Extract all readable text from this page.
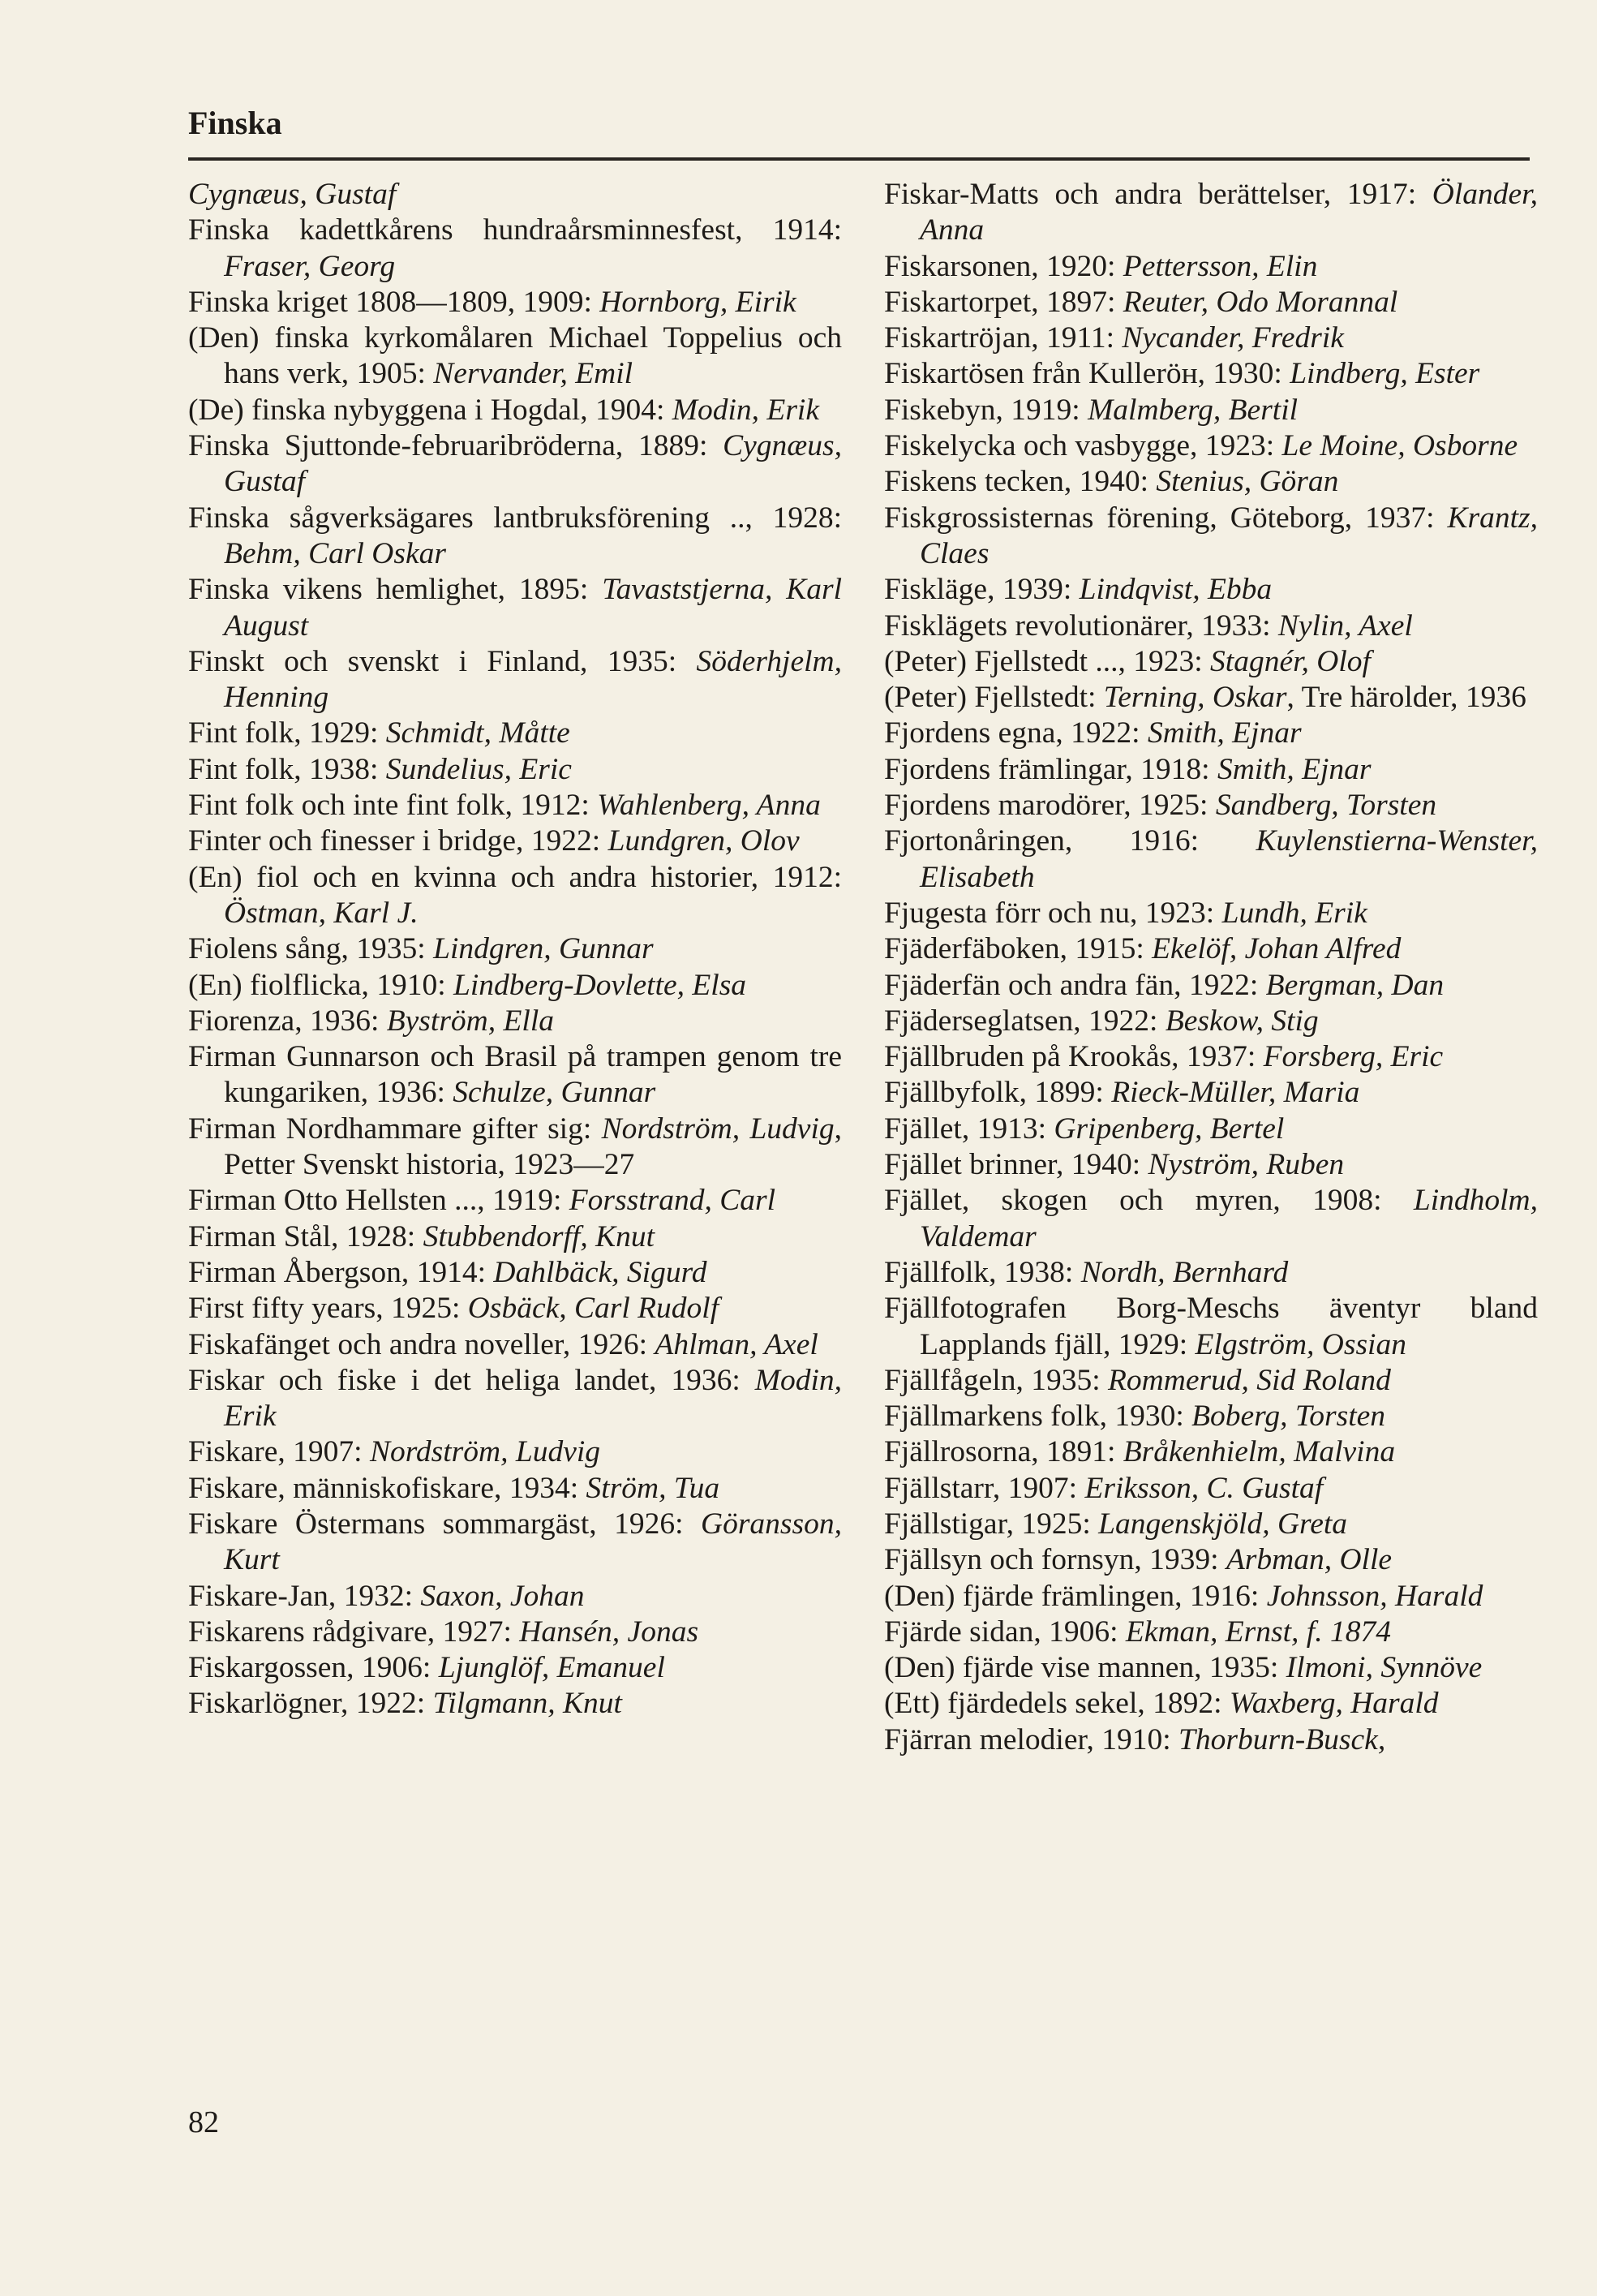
Finska
Cygnæus, Gustaf
Finska kadettkårens hundraårsminnesfest, 1914: Fraser, Georg
Finska kriget 1808—1809, 1909: Hornborg, Eirik
(Den) finska kyrkomålaren Michael Toppelius och hans verk, 1905: Nervander, Emil
(De) finska nybyggena i Hogdal, 1904: Modin, Erik
Finska Sjuttonde-februaribröderna, 1889: Cygnæus, Gustaf
Finska sågverksägares lantbruksförening .., 1928: Behm, Carl Oskar
Finska vikens hemlighet, 1895: Tavaststjerna, Karl August
Finskt och svenskt i Finland, 1935: Söderhjelm, Henning
Fint folk, 1929: Schmidt, Måtte
Fint folk, 1938: Sundelius, Eric
Fint folk och inte fint folk, 1912: Wahlenberg, Anna
Finter och finesser i bridge, 1922: Lundgren, Olov
(En) fiol och en kvinna och andra historier, 1912: Östman, Karl J.
Fiolens sång, 1935: Lindgren, Gunnar
(En) fiolflicka, 1910: Lindberg-Dovlette, Elsa
Fiorenza, 1936: Byström, Ella
Firman Gunnarson och Brasil på trampen genom tre kungariken, 1936: Schulze, Gunnar
Firman Nordhammare gifter sig: Nordström, Ludvig, Petter Svenskt historia, 1923—27
Firman Otto Hellsten ..., 1919: Forsstrand, Carl
Firman Stål, 1928: Stubbendorff, Knut
Firman Åbergson, 1914: Dahlbäck, Sigurd
First fifty years, 1925: Osbäck, Carl Rudolf
Fiskafänget och andra noveller, 1926: Ahlman, Axel
Fiskar och fiske i det heliga landet, 1936: Modin, Erik
Fiskare, 1907: Nordström, Ludvig
Fiskare, människofiskare, 1934: Ström, Tua
Fiskare Östermans sommargäst, 1926: Göransson, Kurt
Fiskare-Jan, 1932: Saxon, Johan
Fiskarens rådgivare, 1927: Hansén, Jonas
Fiskargossen, 1906: Ljunglöf, Emanuel
Fiskarlögner, 1922: Tilgmann, Knut
Fiskar-Matts och andra berättelser, 1917: Ölander, Anna
Fiskarsonen, 1920: Pettersson, Elin
Fiskartorpet, 1897: Reuter, Odo Morannal
Fiskartröjan, 1911: Nycander, Fredrik
Fiskartösen från Kulleröн, 1930: Lindberg, Ester
Fiskebyn, 1919: Malmberg, Bertil
Fiskelycka och vasbygge, 1923: Le Moine, Osborne
Fiskens tecken, 1940: Stenius, Göran
Fiskgrossisternas förening, Göteborg, 1937: Krantz, Claes
Fiskläge, 1939: Lindqvist, Ebba
Fisklägets revolutionärer, 1933: Nylin, Axel
(Peter) Fjellstedt ..., 1923: Stagnér, Olof
(Peter) Fjellstedt: Terning, Oskar, Tre härolder, 1936
Fjordens egna, 1922: Smith, Ejnar
Fjordens främlingar, 1918: Smith, Ejnar
Fjordens marodörer, 1925: Sandberg, Torsten
Fjortonåringen, 1916: Kuylenstierna-Wenster, Elisabeth
Fjugesta förr och nu, 1923: Lundh, Erik
Fjäderfäboken, 1915: Ekelöf, Johan Alfred
Fjäderfän och andra fän, 1922: Bergman, Dan
Fjäderseglatsen, 1922: Beskow, Stig
Fjällbruden på Krookås, 1937: Forsberg, Eric
Fjällbyfolk, 1899: Rieck-Müller, Maria
Fjället, 1913: Gripenberg, Bertel
Fjället brinner, 1940: Nyström, Ruben
Fjället, skogen och myren, 1908: Lindholm, Valdemar
Fjällfolk, 1938: Nordh, Bernhard
Fjällfotografen Borg-Meschs äventyr bland Lapplands fjäll, 1929: Elgström, Ossian
Fjällfågeln, 1935: Rommerud, Sid Roland
Fjällmarkens folk, 1930: Boberg, Torsten
Fjällrosorna, 1891: Bråkenhielm, Malvina
Fjällstarr, 1907: Eriksson, C. Gustaf
Fjällstigar, 1925: Langenskjöld, Greta
Fjällsyn och fornsyn, 1939: Arbman, Olle
(Den) fjärde främlingen, 1916: Johnsson, Harald
Fjärde sidan, 1906: Ekman, Ernst, f. 1874
(Den) fjärde vise mannen, 1935: Ilmoni, Synnöve
(Ett) fjärdedels sekel, 1892: Waxberg, Harald
Fjärran melodier, 1910: Thorburn-Busck,
82
